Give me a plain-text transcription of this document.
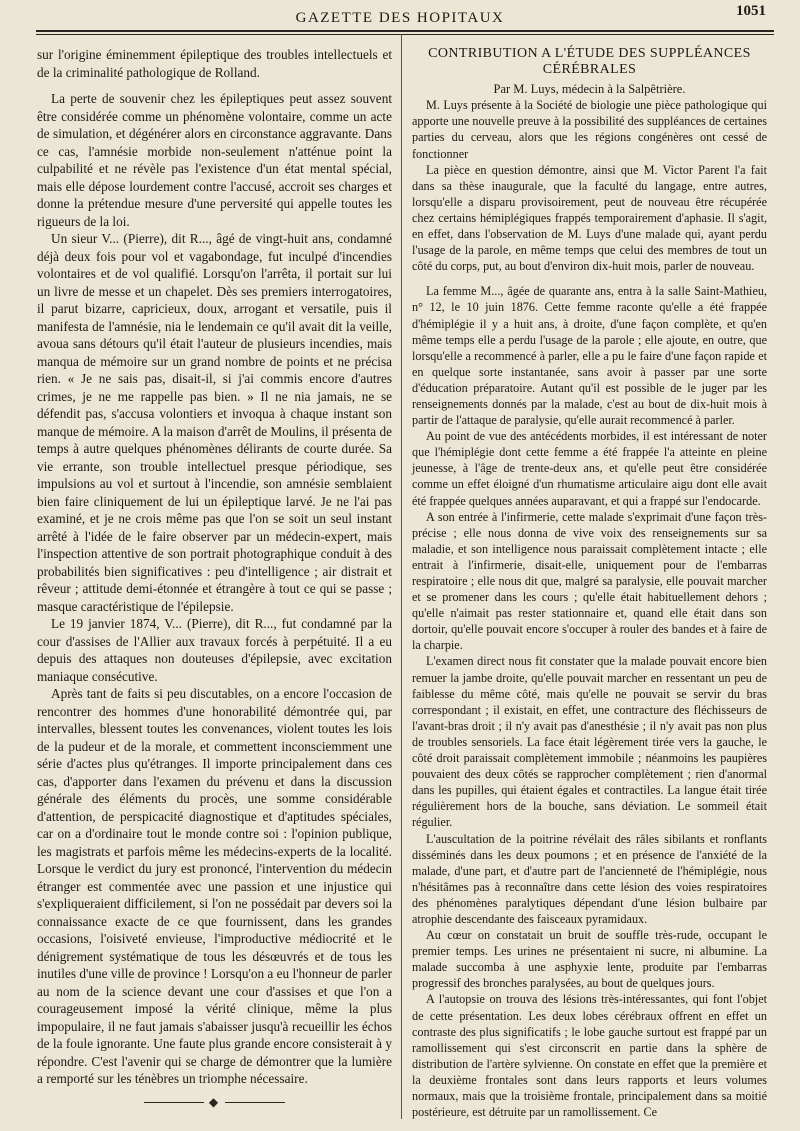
1051
GAZETTE DES HOPITAUX

sur l'origine éminemment épileptique des troubles intellectuels et de la criminalité pathologique de Rolland.

La perte de souvenir chez les épileptiques peut assez souvent être considérée comme un phénomène volontaire, comme un acte de simulation, et dégénérer alors en circonstance aggravante. Dans ce cas, l'amnésie morbide non-seulement n'atténue point la culpabilité et ne révèle pas l'existence d'un état mental spécial, mais elle dépose lourdement contre l'accusé, accroit ses charges et donne la prétendue mesure d'une perversité qui appelle toutes les rigueurs de la loi.

Un sieur V... (Pierre), dit R..., âgé de vingt-huit ans, condamné déjà deux fois pour vol et vagabondage, fut inculpé d'incendies volontaires et de vol qualifié. Lorsqu'on l'arrêta, il portait sur lui un livre de messe et un chapelet. Dès ses premiers interrogatoires, il parut bizarre, capricieux, doux, arrogant et versatile, puis il manifesta de l'amnésie, nia le lendemain ce qu'il avait dit la veille, avoua sans détours qu'il était l'auteur de plusieurs incendies, mais manqua de mémoire sur un grand nombre de points et ne précisa rien. « Je ne sais pas, disait-il, si j'ai commis encore d'autres crimes, je ne me rappelle pas bien. » Il ne nia jamais, ne se défendit pas, s'accusa volontiers et invoqua à chaque instant son manque de mémoire. A la maison d'arrêt de Moulins, il présenta de temps à autre quelques phénomènes délirants de courte durée. Sa vie errante, son trouble intellectuel presque périodique, ses impulsions au vol et surtout à l'incendie, son amnésie semblaient bien faire cliniquement de lui un épileptique larvé. Je ne l'ai pas examiné, et je ne crois même pas que l'on se soit un seul instant arrêté à l'idée de le faire observer par un médecin-expert, mais l'inspection attentive de son portrait photographique conduit à des probabilités bien significatives : peu d'intelligence ; air distrait et rêveur ; attitude demi-étonnée et étrangère à tout ce qui se passe ; masque caractéristique de l'épilepsie.

Le 19 janvier 1874, V... (Pierre), dit R..., fut condamné par la cour d'assises de l'Allier aux travaux forcés à perpétuité. Il a eu depuis des attaques non douteuses d'épilepsie, avec excitation maniaque consécutive.

Après tant de faits si peu discutables, on a encore l'occasion de rencontrer des hommes d'une honorabilité démontrée qui, par intervalles, blessent toutes les convenances, violent toutes les lois de la pudeur et de la morale, et commettent inconsciemment une série d'actes plus qu'étranges. Il importe principalement dans ces cas, d'apporter dans l'examen du prévenu et dans la discussion générale des éléments du procès, une somme considérable d'attention, de perspicacité diagnostique et d'aptitudes spéciales, car on a d'ordinaire tout le monde contre soi : l'opinion publique, les magistrats et parfois même les médecins-experts de la localité. Lorsque le verdict du jury est prononcé, l'intervention du médecin étranger est commentée avec une passion et une injustice qui s'expliqueraient difficilement, si l'on ne possédait par devers soi la connaissance exacte de ce que fournissent, dans les grandes occasions, l'oisiveté envieuse, l'improductive médiocrité et le dénigrement systématique de tous les désœuvrés et de tous les inutiles d'une ville de province ! Lorsqu'on a eu l'honneur de parler au nom de la science devant une cour d'assises et que l'on a courageusement imposé la vérité clinique, même la plus impopulaire, il ne faut jamais s'abaisser jusqu'à recueillir les échos de la foule ignorante. Une faute plus grande encore consisterait à y répondre. C'est l'avenir qui se charge de démontrer que la lumière a remporté sur les ténèbres un triomphe nécessaire.

◆
CONTRIBUTION A L'ÉTUDE DES SUPPLÉANCES CÉRÉBRALES

Par M. Luys, médecin à la Salpêtrière.

M. Luys présente à la Société de biologie une pièce pathologique qui apporte une nouvelle preuve à la possibilité des suppléances de certaines parties du cerveau, alors que les régions congénères ont cessé de fonctionner

La pièce en question démontre, ainsi que M. Victor Parent l'a fait dans sa thèse inaugurale, que la faculté du langage, entre autres, lorsqu'elle a disparu provisoirement, peut de nouveau être récupérée chez certains hémiplégiques frappés temporairement d'aphasie. Il s'agit, en effet, dans l'observation de M. Luys d'une malade qui, ayant perdu l'usage de la parole, en même temps que celui des membres de tout un côté du corps, put, au bout d'environ dix-huit mois, parler de nouveau.

La femme M..., âgée de quarante ans, entra à la salle Saint-Mathieu, n° 12, le 10 juin 1876. Cette femme raconte qu'elle a été frappée d'hémiplégie il y a huit ans, à droite, d'une façon complète, et qu'en même temps elle a perdu l'usage de la parole ; elle ajoute, en outre, que lorsqu'elle a recommencé à parler, elle a pu le faire d'une façon rapide et en quelque sorte instantanée, sans avoir à passer par une sorte d'éducation préparatoire. Autant qu'il est possible de le juger par les renseignements donnés par la malade, c'est au bout de dix-huit mois à partir de l'attaque de paralysie, qu'elle aurait recommencé à parler.

Au point de vue des antécédents morbides, il est intéressant de noter que l'hémiplégie dont cette femme a été frappée l'a atteinte en pleine jeunesse, à l'âge de trente-deux ans, et qu'elle peut être considérée comme un effet éloigné d'un rhumatisme articulaire aigu dont elle avait été frappée quelques années auparavant, et qui a frappé sur l'endocarde.

A son entrée à l'infirmerie, cette malade s'exprimait d'une façon très-précise ; elle nous donna de vive voix des renseignements sur sa maladie, et son intelligence nous paraissait complètement intacte ; elle entrait à l'infirmerie, disait-elle, uniquement pour de l'embarras respiratoire ; elle nous dit que, malgré sa paralysie, elle pouvait marcher et se promener dans les cours ; qu'elle était habituellement dehors ; qu'elle n'aimait pas rester stationnaire et, quand elle était dans son dortoir, qu'elle pouvait encore s'occuper à rouler des bandes et à faire de la charpie.

L'examen direct nous fit constater que la malade pouvait encore bien remuer la jambe droite, qu'elle pouvait marcher en ressentant un peu de faiblesse du même côté, mais qu'elle ne pouvait se servir du bras correspondant ; il existait, en effet, une contracture des fléchisseurs de l'avant-bras droit ; il n'y avait pas d'anesthésie ; il n'y avait pas non plus de troubles sensoriels. La face était légèrement tirée vers la gauche, le côté droit paraissait complètement immobile ; néanmoins les paupières pouvaient des deux côtés se rapprocher complètement ; rien d'anormal dans les pupilles, qui étaient égales et contractiles. La langue était tirée régulièrement hors de la bouche, sans déviation. Le sommeil était régulier.

L'auscultation de la poitrine révélait des râles sibilants et ronflants disséminés dans les deux poumons ; et en présence de l'anxiété de la malade, d'une part, et d'autre part de l'ancienneté de l'hémiplégie, nous n'hésitâmes pas à reconnaître dans cette lésion des voies respiratoires des phénomènes paralytiques dépendant d'une lésion bulbaire par atrophie descendante des faisceaux pyramidaux.

Au cœur on constatait un bruit de souffle très-rude, occupant le premier temps. Les urines ne présentaient ni sucre, ni albumine. La malade succomba à une asphyxie lente, produite par l'embarras progressif des bronches paralysées, au bout de quelques jours.

A l'autopsie on trouva des lésions très-intéressantes, qui font l'objet de cette présentation. Les deux lobes cérébraux offrent en effet un contraste des plus significatifs ; le lobe gauche surtout est frappé par un ramollissement qui s'est circonscrit en partie dans la sphère de distribution de l'artère sylvienne. On constate en effet que la première et la deuxième frontales sont dans leurs rapports et leurs volumes normaux, mais que la troisième frontale, principalement dans sa moitié postérieure, est détruite par un ramollissement. Ce
